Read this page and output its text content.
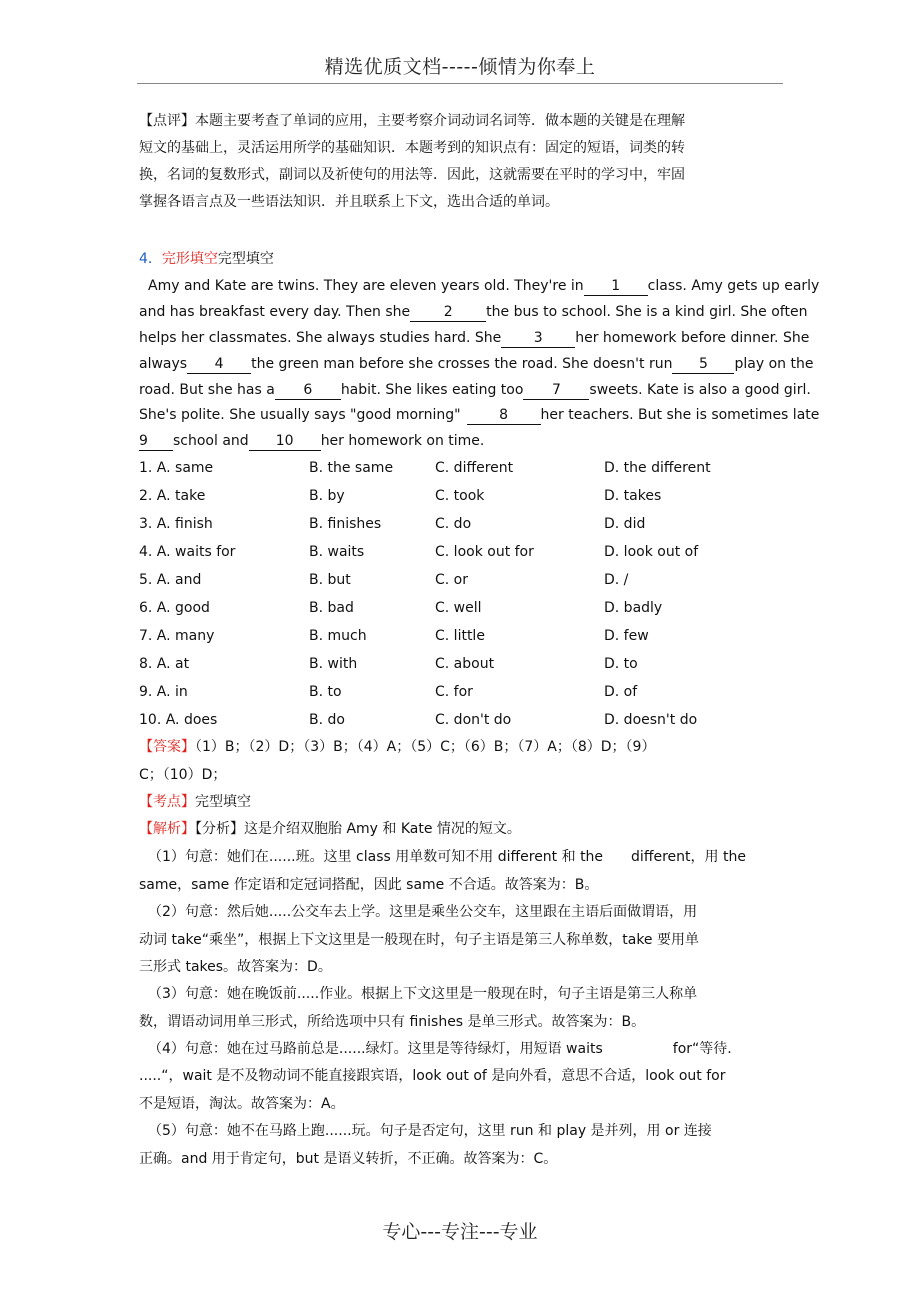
精选优质文档-----倾情为你奉上

【点评】本题主要考查了单词的应用，主要考察介词动词名词等．做本题的关键是在理解
短文的基础上，灵活运用所学的基础知识．本题考到的知识点有：固定的短语，词类的转
换，名词的复数形式，副词以及祈使句的用法等．因此，这就需要在平时的学习中，牢固
掌握各语言点及一些语法知识．并且联系上下文，选出合适的单词。

4．完形填空完型填空
Amy and Kate are twins. They are eleven years old. They're in 1 class. Amy gets up early
and has breakfast every day. Then she 2 the bus to school. She is a kind girl. She often
helps her classmates. She always studies hard. She 3 her homework before dinner. She
always 4 the green man before she crosses the road. She doesn't run 5 play on the
road. But she has a 6 habit. She likes eating too 7 sweets. Kate is also a good girl.
She's polite. She usually says "good morning"	8 her teachers. But she is sometimes late
9 school and 10 her homework on time.
1. A. same	B. the same	C. different	D. the different
2. A. take	B. by	C. took	D. takes
3. A. finish	B. finishes	C. do	D. did
4. A. waits for	B. waits	C. look out for	D. look out of
5. A. and	B. but	C. or	D. /
6. A. good	B. bad	C. well	D. badly
7. A. many	B. much	C. little	D. few
8. A. at	B. with	C. about	D. to
9. A. in	B. to	C. for	D. of
10. A. does	B. do	C. don't do	D. doesn't do
【答案】（1）B；（2）D；（3）B；（4）A；（5）C；（6）B；（7）A；（8）D；（9）
C；（10）D；
【考点】完型填空
【解析】【分析】这是介绍双胞胎 Amy 和 Kate 情况的短文。
（1）句意：她们在......班。这里 class 用单数可知不用 different 和 the　　different，用 the
same，same 作定语和定冠词搭配，因此 same 不合适。故答案为：B。
（2）句意：然后她.....公交车去上学。这里是乘坐公交车，这里跟在主语后面做谓语，用
动词 take“乘坐”，根据上下文这里是一般现在时，句子主语是第三人称单数，take 要用单
三形式 takes。故答案为：D。
（3）句意：她在晚饭前.....作业。根据上下文这里是一般现在时，句子主语是第三人称单
数，谓语动词用单三形式，所给选项中只有 finishes 是单三形式。故答案为：B。
（4）句意：她在过马路前总是......绿灯。这里是等待绿灯，用短语 waits　　　　　for“等待.
.....“，wait 是不及物动词不能直接跟宾语，look out of 是向外看，意思不合适，look out for
不是短语，淘汰。故答案为：A。
（5）句意：她不在马路上跑......玩。句子是否定句，这里 run 和 play 是并列，用 or 连接
正确。and 用于肯定句，but 是语义转折，不正确。故答案为：C。
专心---专注---专业
